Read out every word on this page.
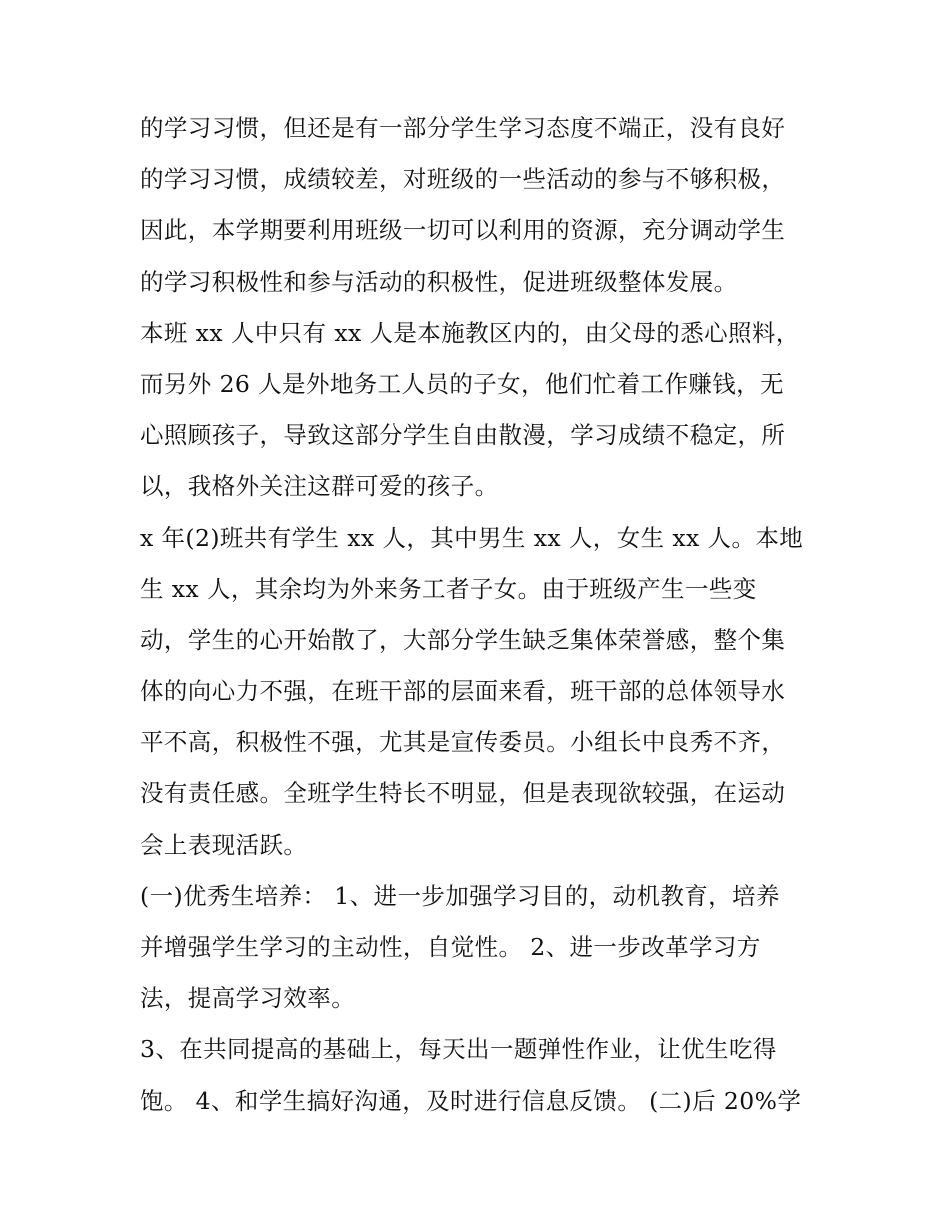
的学习习惯，但还是有一部分学生学习态度不端正，没有良好
的学习习惯，成绩较差，对班级的一些活动的参与不够积极，
因此，本学期要利用班级一切可以利用的资源，充分调动学生
的学习积极性和参与活动的积极性，促进班级整体发展。
本班 xx 人中只有 xx 人是本施教区内的，由父母的悉心照料，
而另外 26 人是外地务工人员的子女，他们忙着工作赚钱，无
心照顾孩子，导致这部分学生自由散漫，学习成绩不稳定，所
以，我格外关注这群可爱的孩子。
x 年(2)班共有学生 xx 人，其中男生 xx 人，女生 xx 人。本地
生 xx 人，其余均为外来务工者子女。由于班级产生一些变
动，学生的心开始散了，大部分学生缺乏集体荣誉感，整个集
体的向心力不强，在班干部的层面来看，班干部的总体领导水
平不高，积极性不强，尤其是宣传委员。小组长中良秀不齐，
没有责任感。全班学生特长不明显，但是表现欲较强，在运动
会上表现活跃。
(一)优秀生培养： 1、进一步加强学习目的，动机教育，培养
并增强学生学习的主动性，自觉性。 2、进一步改革学习方
法，提高学习效率。
3、在共同提高的基础上，每天出一题弹性作业，让优生吃得
饱。 4、和学生搞好沟通，及时进行信息反馈。 (二)后 20%学
